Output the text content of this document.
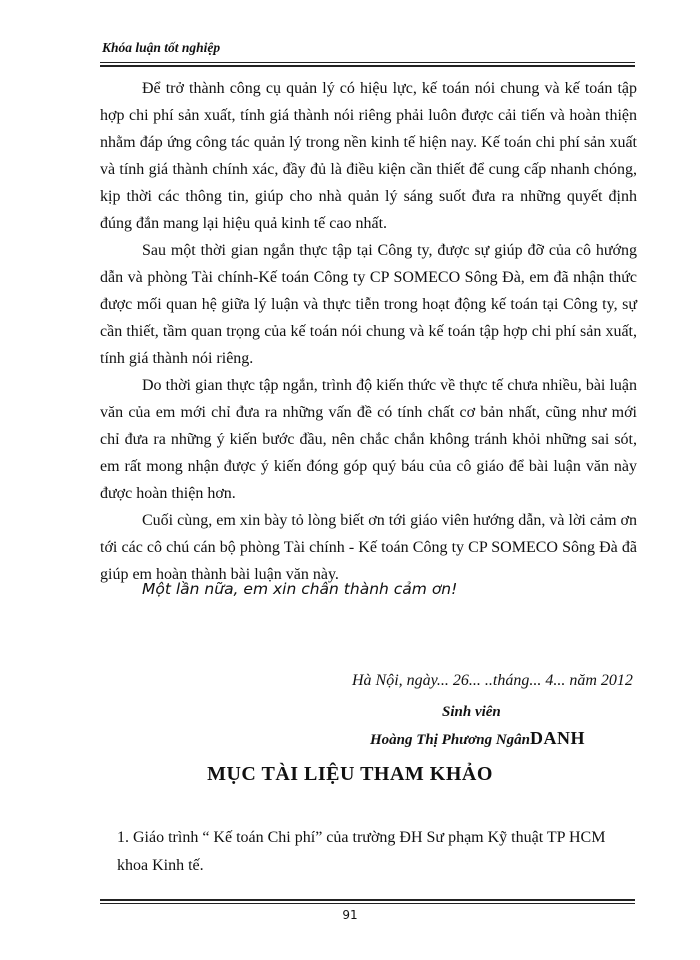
Khóa luận tốt nghiệp

Để trở thành công cụ quản lý có hiệu lực, kế toán nói chung và kế toán tập hợp chi phí sản xuất, tính giá thành nói riêng phải luôn được cải tiến và hoàn thiện nhằm đáp ứng công tác quản lý trong nền kinh tế hiện nay. Kế toán chi phí sản xuất và tính giá thành chính xác, đầy đủ là điều kiện cần thiết để cung cấp nhanh chóng, kịp thời các thông tin, giúp cho nhà quản lý sáng suốt đưa ra những quyết định đúng đắn mang lại hiệu quả kinh tế cao nhất.

Sau một thời gian ngắn thực tập tại Công ty, được sự giúp đỡ của cô hướng dẫn và phòng Tài chính-Kế toán Công ty CP SOMECO Sông Đà, em đã nhận thức được mối quan hệ giữa lý luận và thực tiễn trong hoạt động kế toán tại Công ty, sự cần thiết, tầm quan trọng của kế toán nói chung và kế toán tập hợp chi phí sản xuất, tính giá thành nói riêng.

Do thời gian thực tập ngắn, trình độ kiến thức về thực tế chưa nhiều, bài luận văn của em mới chỉ đưa ra những vấn đề có tính chất cơ bản nhất, cũng như mới chỉ đưa ra những ý kiến bước đầu, nên chắc chắn không tránh khỏi những sai sót, em rất mong nhận được ý kiến đóng góp quý báu của cô giáo để bài luận văn này được hoàn thiện hơn.

Cuối cùng, em xin bày tỏ lòng biết ơn tới giáo viên hướng dẫn, và lời cảm ơn tới các cô chú cán bộ phòng Tài chính - Kế toán Công ty CP SOMECO Sông Đà đã giúp em hoàn thành bài luận văn này.

Một lần nữa, em xin chân thành cảm ơn!
Hà Nội, ngày... 26... ..tháng... 4... năm 2012
Sinh viên
Hoàng Thị Phương NgânDANH
MỤC TÀI LIỆU THAM KHẢO
1. Giáo trình “ Kế toán Chi phí” của trường ĐH Sư phạm Kỹ thuật TP HCM khoa Kinh tế.
91
